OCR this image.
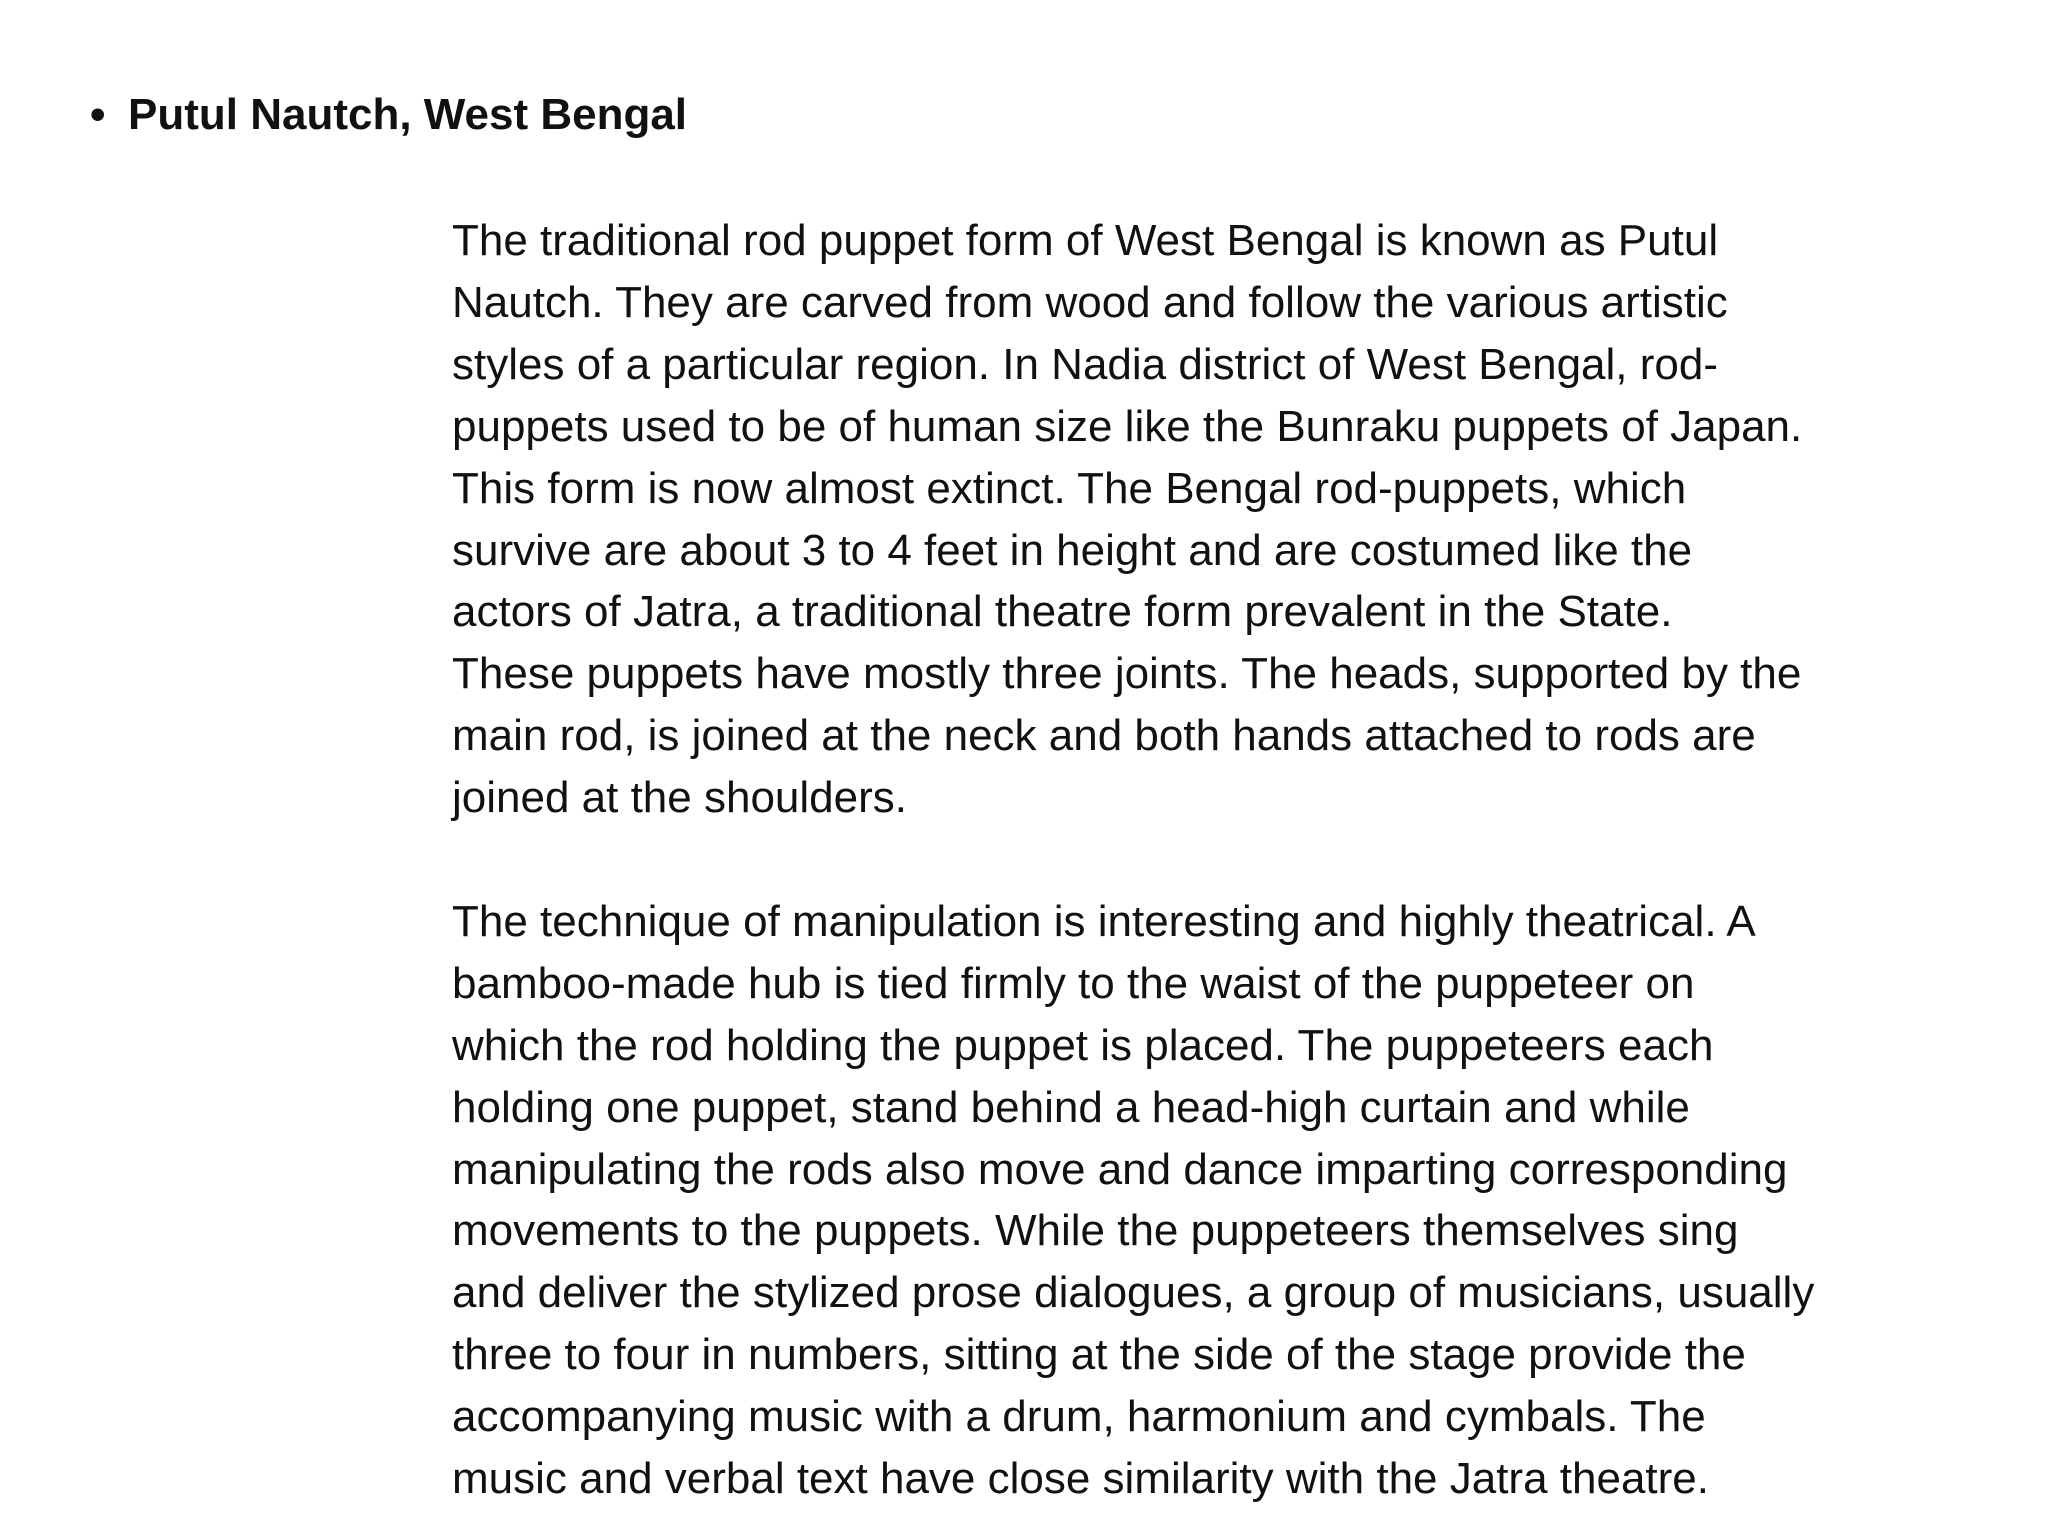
• Putul Nautch, West Bengal
The traditional rod puppet form of West Bengal is known as Putul
Nautch. They are carved from wood and follow the various artistic
styles of a particular region. In Nadia district of West Bengal, rod-
puppets used to be of human size like the Bunraku puppets of Japan.
This form is now almost extinct. The Bengal rod-puppets, which
survive are about 3 to 4 feet in height and are costumed like the
actors of Jatra, a traditional theatre form prevalent in the State.
These puppets have mostly three joints. The heads, supported by the
main rod, is joined at the neck and both hands attached to rods are
joined at the shoulders.
The technique of manipulation is interesting and highly theatrical. A
bamboo-made hub is tied firmly to the waist of the puppeteer on
which the rod holding the puppet is placed. The puppeteers each
holding one puppet, stand behind a head-high curtain and while
manipulating the rods also move and dance imparting corresponding
movements to the puppets. While the puppeteers themselves sing
and deliver the stylized prose dialogues, a group of musicians, usually
three to four in numbers, sitting at the side of the stage provide the
accompanying music with a drum, harmonium and cymbals. The
music and verbal text have close similarity with the Jatra theatre.
